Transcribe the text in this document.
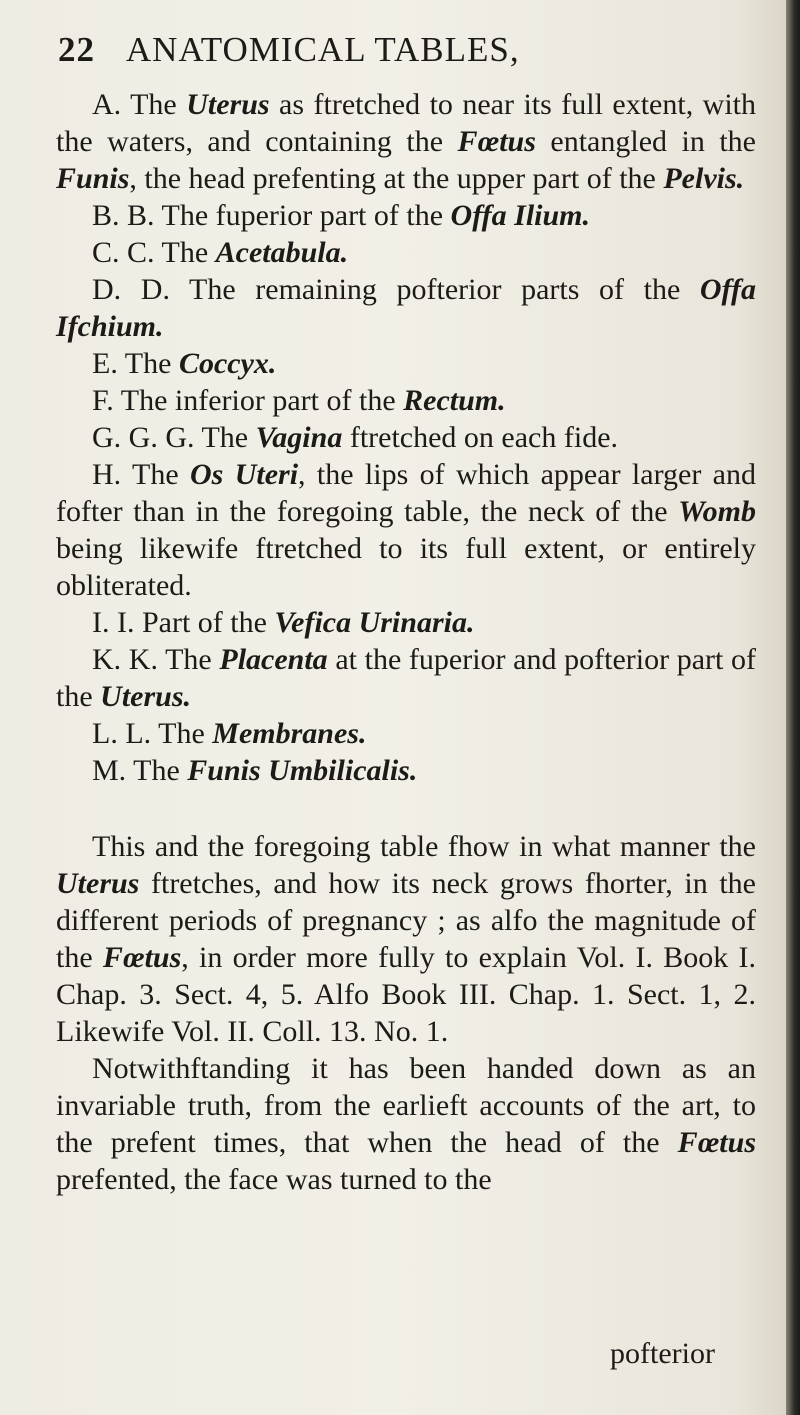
22 ANATOMICAL TABLES,

A. The Uterus as ftretched to near its full extent, with the waters, and containing the Fœtus entangled in the Funis, the head prefenting at the upper part of the Pelvis.

B. B. The fuperior part of the Offa Ilium.

C. C. The Acetabula.

D. D. The remaining pofterior parts of the Offa Ifchium.

E. The Coccyx.

F. The inferior part of the Rectum.

G. G. G. The Vagina ftretched on each fide.

H. The Os Uteri, the lips of which appear larger and fofter than in the foregoing table, the neck of the Womb being likewife ftretched to its full extent, or entirely obliterated.

I. I. Part of the Vefica Urinaria.

K. K. The Placenta at the fuperior and pofterior part of the Uterus.

L. L. The Membranes.

M. The Funis Umbilicalis.

This and the foregoing table fhow in what manner the Uterus ftretches, and how its neck grows fhorter, in the different periods of pregnancy ; as alfo the magnitude of the Fœtus, in order more fully to explain Vol. I. Book I. Chap. 3. Sect. 4, 5. Alfo Book III. Chap. 1. Sect. 1, 2. Likewife Vol. II. Coll. 13. No. 1.

Notwithftanding it has been handed down as an invariable truth, from the earlieft accounts of the art, to the prefent times, that when the head of the Fœtus prefented, the face was turned to the

pofterior
